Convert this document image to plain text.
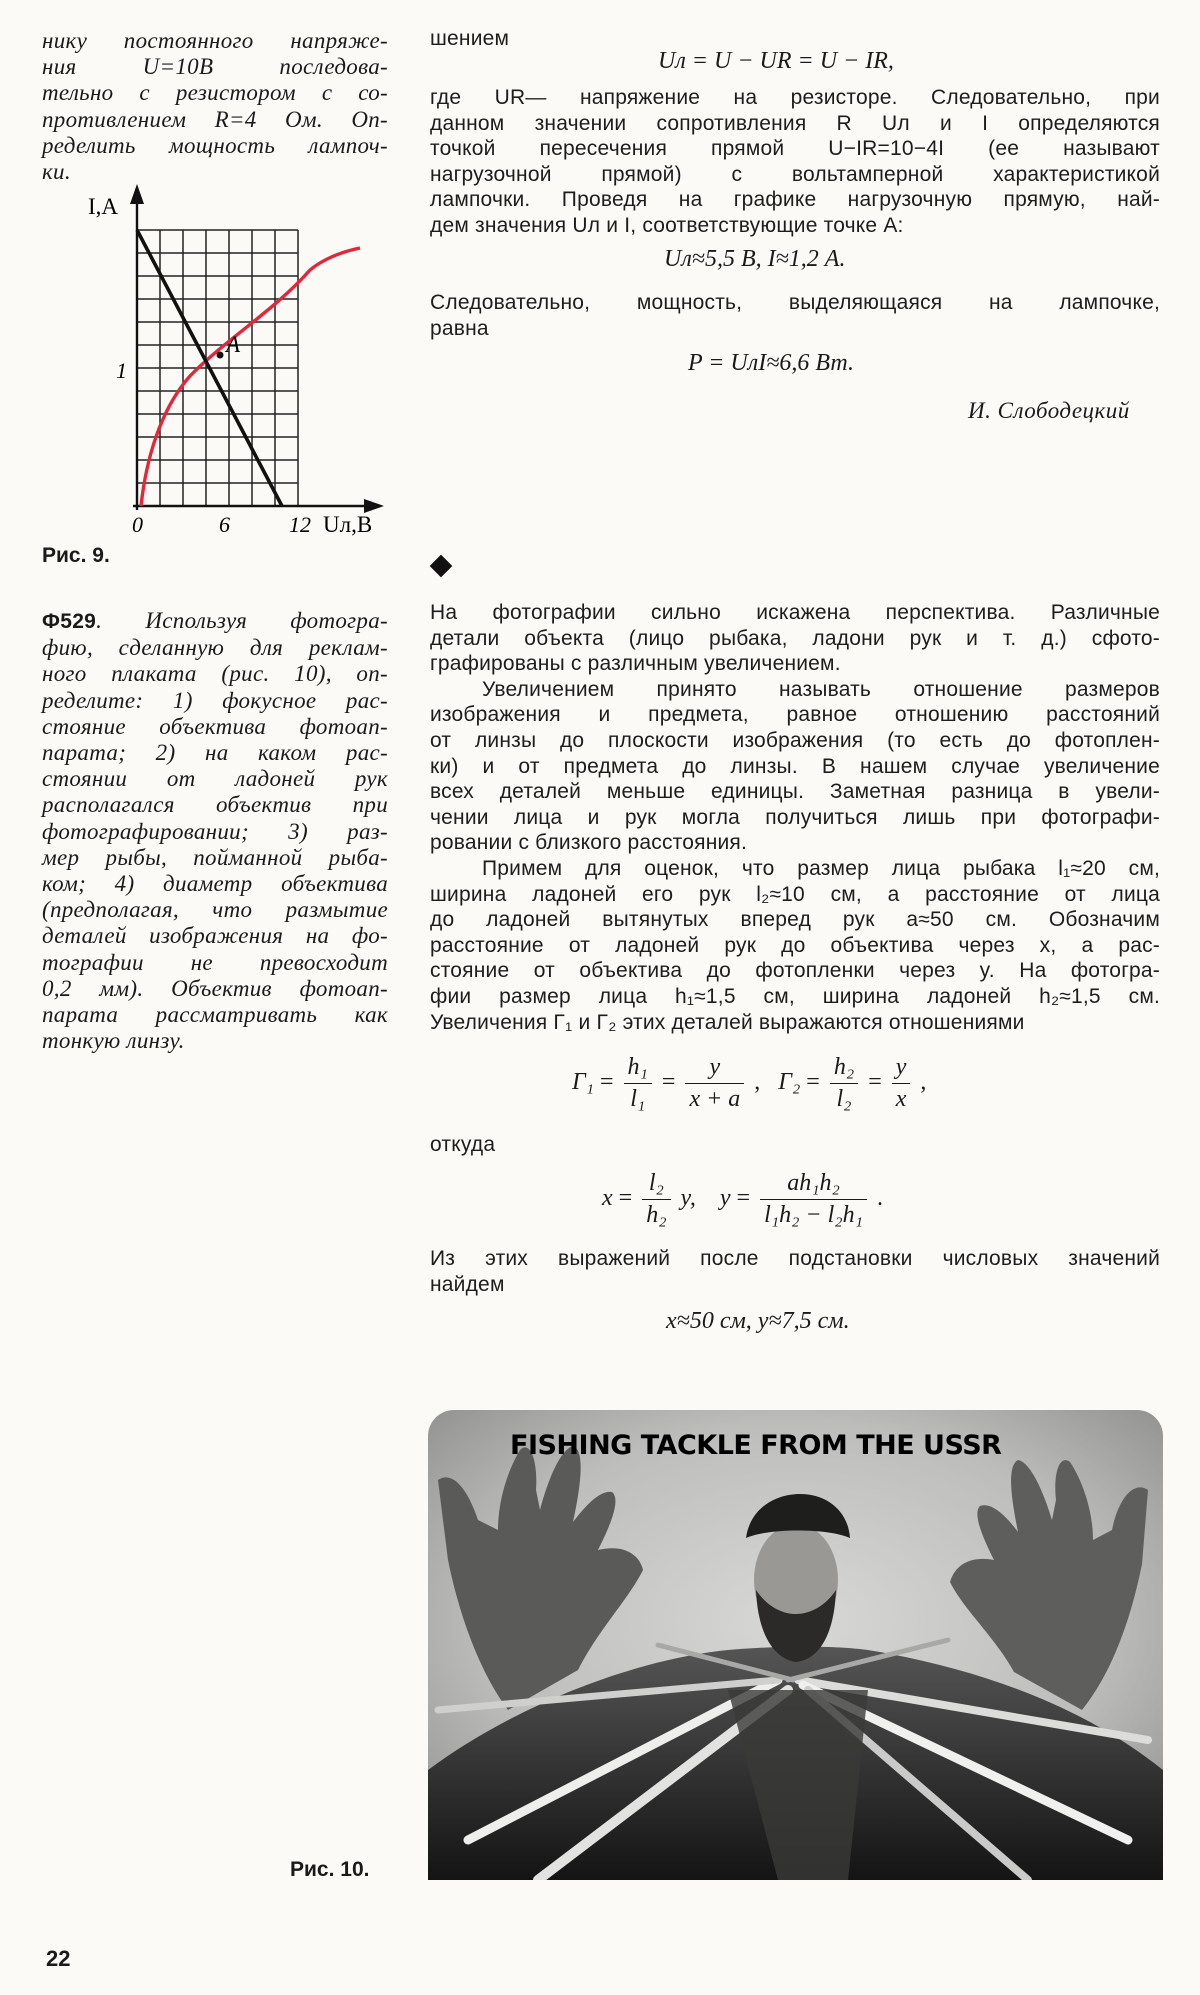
нику постоянного напряже-
ния U=10В последова-
тельно с резистором с со-
противлением R=4 Ом. Оп-
ределить мощность лампоч-
ки.
A
I,А
1
0	6	12 Uл,В
Рис. 9.
Ф529. Используя фотогра-
фию, сделанную для реклам-
ного плаката (рис. 10), оп-
ределите: 1) фокусное рас-
стояние объектива фотоап-
парата; 2) на каком рас-
стоянии от ладоней рук
располагался объектив при
фотографировании; 3) раз-
мер рыбы, пойманной рыба-
ком; 4) диаметр объектива
(предполагая, что размытие
деталей изображения на фо-
тографии не превосходит
0,2 мм). Объектив фотоап-
парата рассматривать как
тонкую линзу.
шением
Uл = U − UR = U − IR,
где UR— напряжение на резисторе. Следовательно, при
данном значении сопротивления R Uл и I определяются
точкой пересечения прямой U−IR=10−4I (ее называют
нагрузочной прямой) с вольтамперной характеристикой
лампочки. Проведя на графике нагрузочную прямую, най-
дем значения Uл и I, соответствующие точке A:
Uл≈5,5 В, I≈1,2 А.
Следовательно, мощность, выделяющаяся на лампочке,
равна
P = UлI≈6,6 Вт.
И. Слободецкий
На фотографии сильно искажена перспектива. Различные
детали объекта (лицо рыбака, ладони рук и т. д.) сфото-
графированы с различным увеличением.
Увеличением принято называть отношение размеров
изображения и предмета, равное отношению расстояний
от линзы до плоскости изображения (то есть до фотоплен-
ки) и от предмета до линзы. В нашем случае увеличение
всех деталей меньше единицы. Заметная разница в увели-
чении лица и рук могла получиться лишь при фотографи-
ровании с близкого расстояния.
Примем для оценок, что размер лица рыбака l₁≈20 см,
ширина ладоней его рук l₂≈10 см, а расстояние от лица
до ладоней вытянутых вперед рук a≈50 см. Обозначим
расстояние от ладоней рук до объектива через x, а рас-
стояние от объектива до фотопленки через y. На фотогра-
фии размер лица h₁≈1,5 см, ширина ладоней h₂≈1,5 см.
Увеличения Γ₁ и Γ₂ этих деталей выражаются отношениями
$\Gamma_1 = \frac{\text{h₁}}{\text{l₁}} = \frac{y}{x + a}$ ,   $\Gamma_2 = \frac{\text{h₂}}{\text{l₂}} = \frac{y}{x}$ ,
откуда
$x = \frac{\text{l₂}}{\text{h₂}} y$, $y = \frac{\text{ah₁h₂}}{\text{l₁h₂ − l₂h₁}}$ .
Из этих выражений после подстановки числовых значений
найдем
x≈50 см, y≈7,5 см.
FISHING TACKLE FROM THE USSR
Рис. 10.
22
